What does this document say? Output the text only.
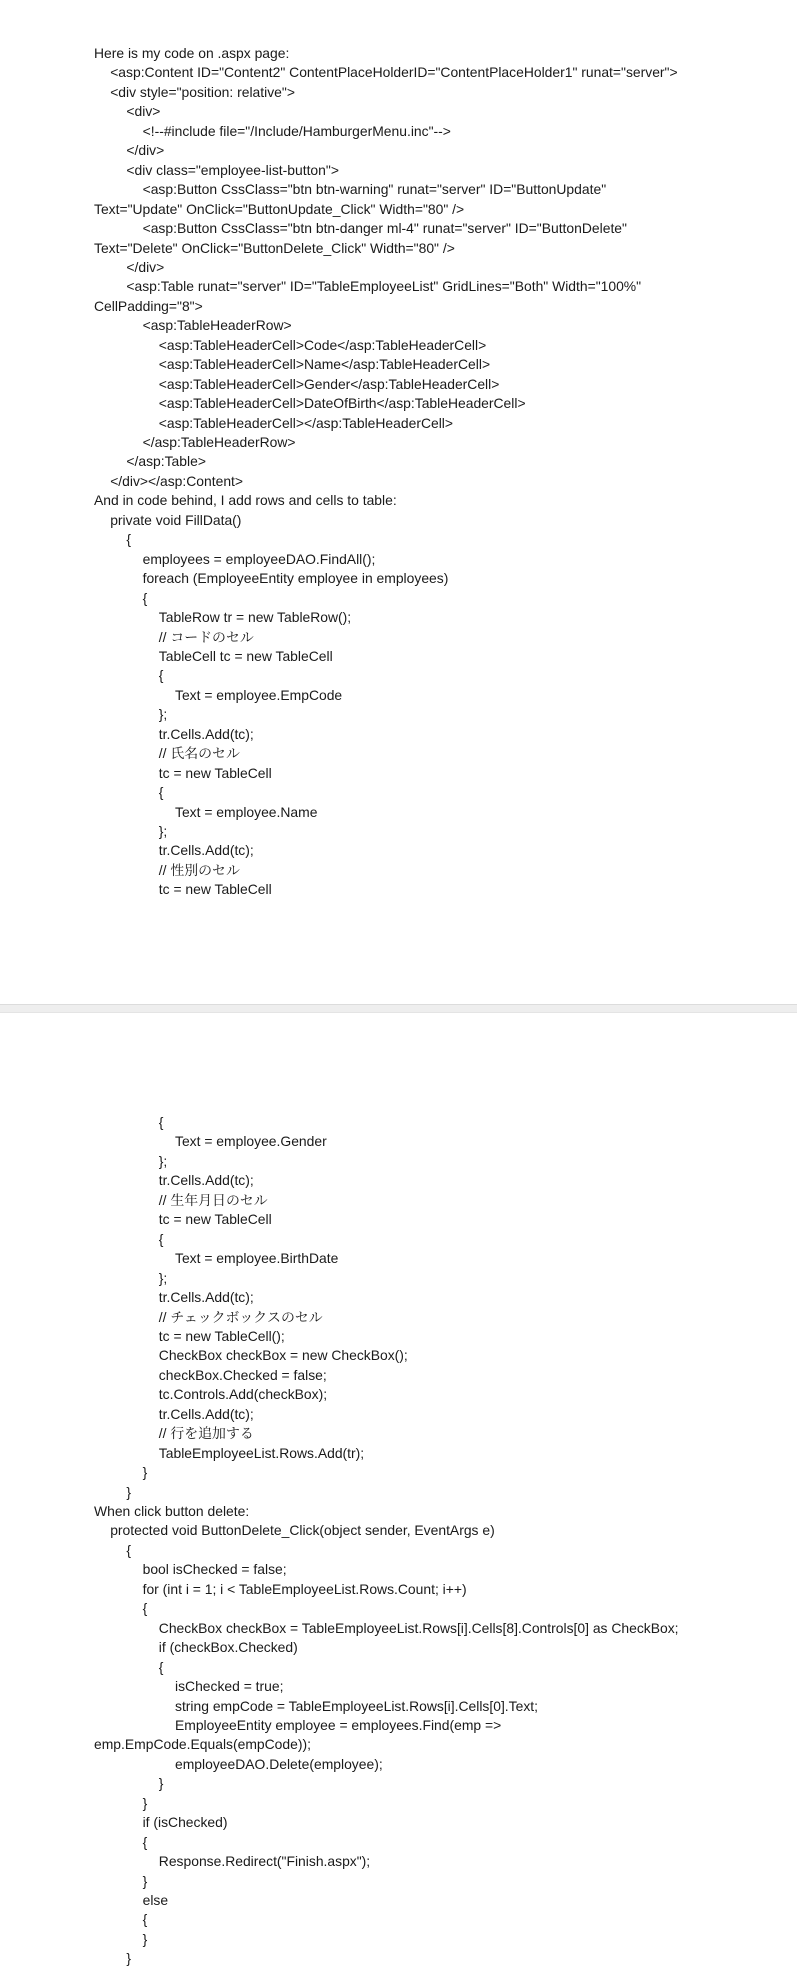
Here is my code on .aspx page:
<asp:Content ID="Content2" ContentPlaceHolderID="ContentPlaceHolder1" runat="server">
<div style="position: relative">
<div>
<!--#include file="/Include/HamburgerMenu.inc"-->
</div>
<div class="employee-list-button">
<asp:Button CssClass="btn btn-warning" runat="server" ID="ButtonUpdate"
Text="Update" OnClick="ButtonUpdate_Click" Width="80" />
<asp:Button CssClass="btn btn-danger ml-4" runat="server" ID="ButtonDelete"
Text="Delete" OnClick="ButtonDelete_Click" Width="80" />
</div>
<asp:Table runat="server" ID="TableEmployeeList" GridLines="Both" Width="100%"
CellPadding="8">
<asp:TableHeaderRow>
<asp:TableHeaderCell>Code</asp:TableHeaderCell>
<asp:TableHeaderCell>Name</asp:TableHeaderCell>
<asp:TableHeaderCell>Gender</asp:TableHeaderCell>
<asp:TableHeaderCell>DateOfBirth</asp:TableHeaderCell>
<asp:TableHeaderCell></asp:TableHeaderCell>
</asp:TableHeaderRow>
</asp:Table>
</div></asp:Content>
And in code behind, I add rows and cells to table:
private void FillData()
{
employees = employeeDAO.FindAll();
foreach (EmployeeEntity employee in employees)
{
TableRow tr = new TableRow();
// コードのセル
TableCell tc = new TableCell
{
Text = employee.EmpCode
};
tr.Cells.Add(tc);
// 氏名のセル
tc = new TableCell
{
Text = employee.Name
};
tr.Cells.Add(tc);
// 性別のセル
tc = new TableCell
{
Text = employee.Gender
};
tr.Cells.Add(tc);
// 生年月日のセル
tc = new TableCell
{
Text = employee.BirthDate
};
tr.Cells.Add(tc);
// チェックボックスのセル
tc = new TableCell();
CheckBox checkBox = new CheckBox();
checkBox.Checked = false;
tc.Controls.Add(checkBox);
tr.Cells.Add(tc);
// 行を追加する
TableEmployeeList.Rows.Add(tr);
}
}
When click button delete:
protected void ButtonDelete_Click(object sender, EventArgs e)
{
bool isChecked = false;
for (int i = 1; i < TableEmployeeList.Rows.Count; i++)
{
CheckBox checkBox = TableEmployeeList.Rows[i].Cells[8].Controls[0] as CheckBox;
if (checkBox.Checked)
{
isChecked = true;
string empCode = TableEmployeeList.Rows[i].Cells[0].Text;
EmployeeEntity employee = employees.Find(emp =>
emp.EmpCode.Equals(empCode));
employeeDAO.Delete(employee);
}
}
if (isChecked)
{
Response.Redirect("Finish.aspx");
}
else
{
}
}
